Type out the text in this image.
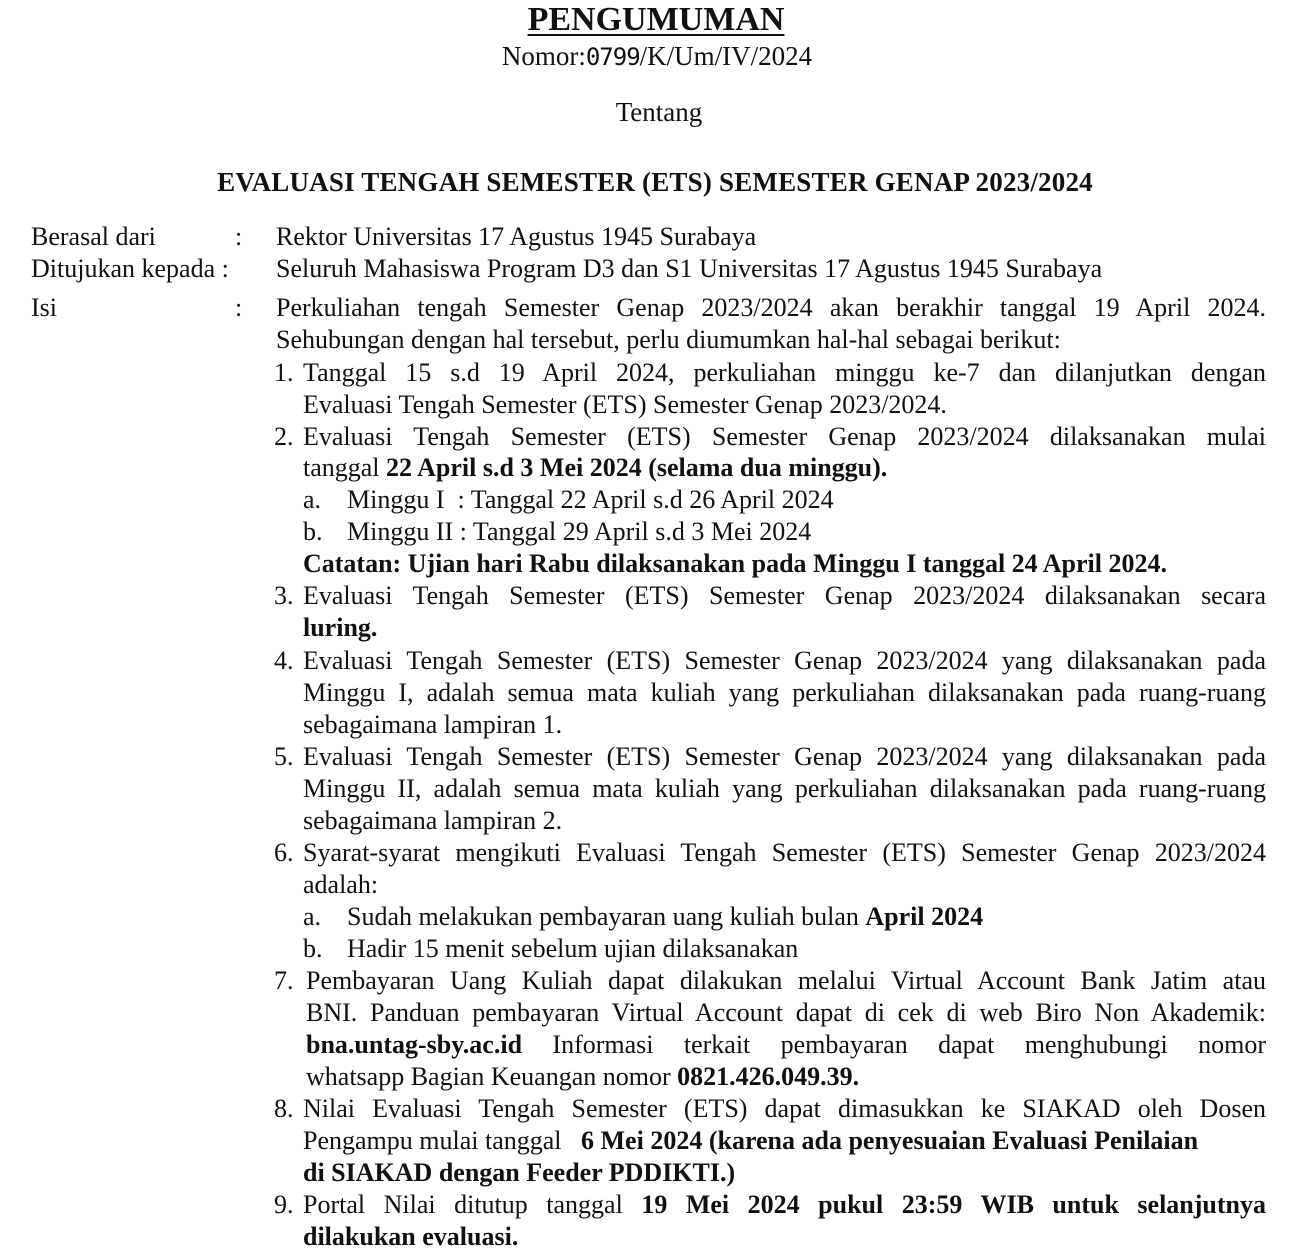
PENGUMUMAN
Nomor:0799/K/Um/IV/2024
Tentang
EVALUASI TENGAH SEMESTER (ETS) SEMESTER GENAP 2023/2024
Berasal dari	: Rektor Universitas 17 Agustus 1945 Surabaya
Ditujukan kepada : Seluruh Mahasiswa Program D3 dan S1 Universitas 17 Agustus 1945 Surabaya
Isi	: Perkuliahan tengah Semester Genap 2023/2024 akan berakhir tanggal 19 April 2024.
Sehubungan dengan hal tersebut, perlu diumumkan hal-hal sebagai berikut:
1. Tanggal 15 s.d 19 April 2024, perkuliahan minggu ke-7 dan dilanjutkan dengan
Evaluasi Tengah Semester (ETS) Semester Genap 2023/2024.
2. Evaluasi Tengah Semester (ETS) Semester Genap 2023/2024 dilaksanakan mulai
tanggal 22 April s.d 3 Mei 2024 (selama dua minggu).
a. Minggu I  : Tanggal 22 April s.d 26 April 2024
b. Minggu II : Tanggal 29 April s.d 3 Mei 2024
Catatan: Ujian hari Rabu dilaksanakan pada Minggu I tanggal 24 April 2024.
3. Evaluasi Tengah Semester (ETS) Semester Genap 2023/2024 dilaksanakan secara
luring.
4. Evaluasi Tengah Semester (ETS) Semester Genap 2023/2024 yang dilaksanakan pada
Minggu I, adalah semua mata kuliah yang perkuliahan dilaksanakan pada ruang-ruang
sebagaimana lampiran 1.
5. Evaluasi Tengah Semester (ETS) Semester Genap 2023/2024 yang dilaksanakan pada
Minggu II, adalah semua mata kuliah yang perkuliahan dilaksanakan pada ruang-ruang
sebagaimana lampiran 2.
6. Syarat-syarat mengikuti Evaluasi Tengah Semester (ETS) Semester Genap 2023/2024
adalah:
a. Sudah melakukan pembayaran uang kuliah bulan April 2024
b. Hadir 15 menit sebelum ujian dilaksanakan
7. Pembayaran Uang Kuliah dapat dilakukan melalui Virtual Account Bank Jatim atau
BNI. Panduan pembayaran Virtual Account dapat di cek di web Biro Non Akademik:
bna.untag-sby.ac.id Informasi terkait pembayaran dapat menghubungi nomor
whatsapp Bagian Keuangan nomor 0821.426.049.39.
8. Nilai Evaluasi Tengah Semester (ETS) dapat dimasukkan ke SIAKAD oleh Dosen
Pengampu mulai tanggal   6 Mei 2024 (karena ada penyesuaian Evaluasi Penilaian
di SIAKAD dengan Feeder PDDIKTI.)
9. Portal Nilai ditutup tanggal 19 Mei 2024 pukul 23:59 WIB untuk selanjutnya
dilakukan evaluasi.
